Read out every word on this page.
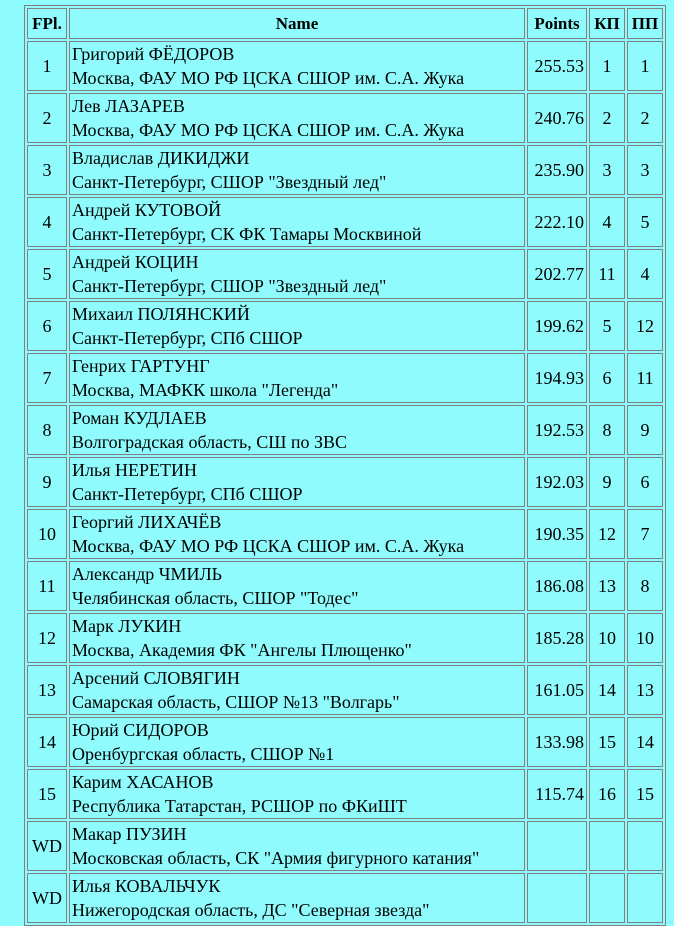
FPl.	Name	Points	КП	ПП
1	Григорий ФЁДОРОВ
Москва, ФАУ МО РФ ЦСКА СШОР им. С.А. Жука	255.53	1	1
2	Лев ЛАЗАРЕВ
Москва, ФАУ МО РФ ЦСКА СШОР им. С.А. Жука	240.76	2	2
3	Владислав ДИКИДЖИ
Санкт-Петербург, СШОР "Звездный лед"	235.90	3	3
4	Андрей КУТОВОЙ
Санкт-Петербург, СК ФК Тамары Москвиной	222.10	4	5
5	Андрей КОЦИН
Санкт-Петербург, СШОР "Звездный лед"	202.77	11	4
6	Михаил ПОЛЯНСКИЙ
Санкт-Петербург, СПб СШОР	199.62	5	12
7	Генрих ГАРТУНГ
Москва, МАФКК школа "Легенда"	194.93	6	11
8	Роман КУДЛАЕВ
Волгоградская область, СШ по ЗВС	192.53	8	9
9	Илья НЕРЕТИН
Санкт-Петербург, СПб СШОР	192.03	9	6
10	Георгий ЛИХАЧЁВ
Москва, ФАУ МО РФ ЦСКА СШОР им. С.А. Жука	190.35	12	7
11	Александр ЧМИЛЬ
Челябинская область, СШОР "Тодес"	186.08	13	8
12	Марк ЛУКИН
Москва, Академия ФК "Ангелы Плющенко"	185.28	10	10
13	Арсений СЛОВЯГИН
Самарская область, СШОР №13 "Волгарь"	161.05	14	13
14	Юрий СИДОРОВ
Оренбургская область, СШОР №1	133.98	15	14
15	Карим ХАСАНОВ
Республика Татарстан, РСШОР по ФКиШТ	115.74	16	15
WD	Макар ПУЗИН
Московская область, СК "Армия фигурного катания"			

WD	Илья КОВАЛЬЧУК
Нижегородская область, ДС "Северная звезда"			
